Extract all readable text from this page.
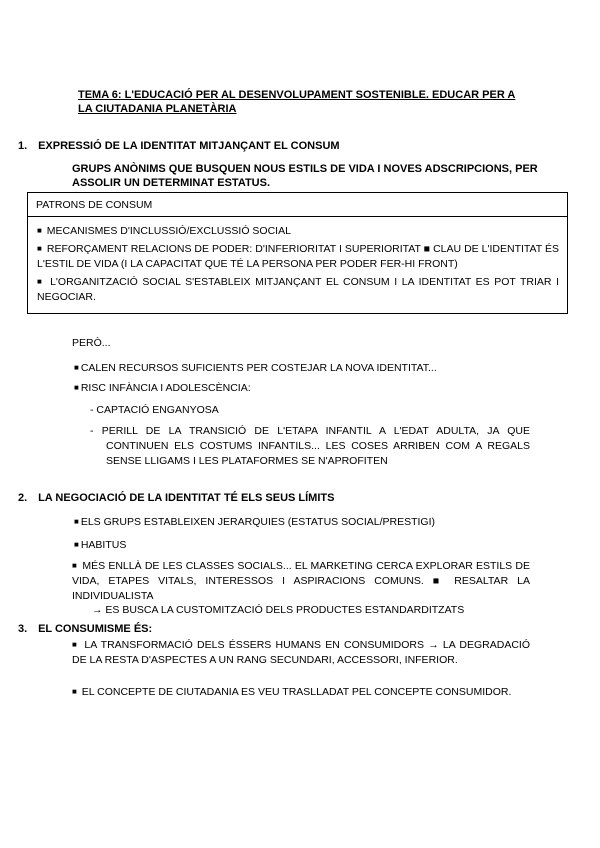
TEMA 6: L'EDUCACIÓ PER AL DESENVOLUPAMENT SOSTENIBLE. EDUCAR PER A LA CIUTADANIA PLANETÀRIA
1. EXPRESSIÓ DE LA IDENTITAT MITJANÇANT EL CONSUM
GRUPS ANÒNIMS QUE BUSQUEN NOUS ESTILS DE VIDA I NOVES ADSCRIPCIONS, PER ASSOLIR UN DETERMINAT ESTATUS.
PATRONS DE CONSUM

■ MECANISMES D'INCLUSSIÓ/EXCLUSSIÓ SOCIAL

■ REFORÇAMENT RELACIONS DE PODER: D'INFERIORITAT I SUPERIORITAT ■ CLAU DE L'IDENTITAT ÉS L'ESTIL DE VIDA (I LA CAPACITAT QUE TÉ LA PERSONA PER PODER FER-HI FRONT)

■ L'ORGANITZACIÓ SOCIAL S'ESTABLEIX MITJANÇANT EL CONSUM I LA IDENTITAT ES POT TRIAR I NEGOCIAR.

PERÒ...
■ CALEN RECURSOS SUFICIENTS PER COSTEJAR LA NOVA IDENTITAT...
■ RISC INFÀNCIA I ADOLESCÈNCIA:
- CAPTACIÓ ENGANYOSA
- PERILL DE LA TRANSICIÓ DE L'ETAPA INFANTIL A L'EDAT ADULTA, JA QUE CONTINUEN ELS COSTUMS INFANTILS... LES COSES ARRIBEN COM A REGALS SENSE LLIGAMS I LES PLATAFORMES SE N'APROFITEN
2. LA NEGOCIACIÓ DE LA IDENTITAT TÉ ELS SEUS LÍMITS
■ ELS GRUPS ESTABLEIXEN JERARQUIES (ESTATUS SOCIAL/PRESTIGI)
■ HABITUS
■ MÉS ENLLÀ DE LES CLASSES SOCIALS... EL MARKETING CERCA EXPLORAR ESTILS DE VIDA, ETAPES VITALS, INTERESSOS I ASPIRACIONS COMUNS. ■ RESALTAR LA INDIVIDUALISTA
→ ES BUSCA LA CUSTOMITZACIÓ DELS PRODUCTES ESTANDARDITZATS
3. EL CONSUMISME ÉS:
■ LA TRANSFORMACIÓ DELS ÉSSERS HUMANS EN CONSUMIDORS → LA DEGRADACIÓ DE LA RESTA D'ASPECTES A UN RANG SECUNDARI, ACCESSORI, INFERIOR.
■ EL CONCEPTE DE CIUTADANIA ES VEU TRASLLADAT PEL CONCEPTE CONSUMIDOR.
